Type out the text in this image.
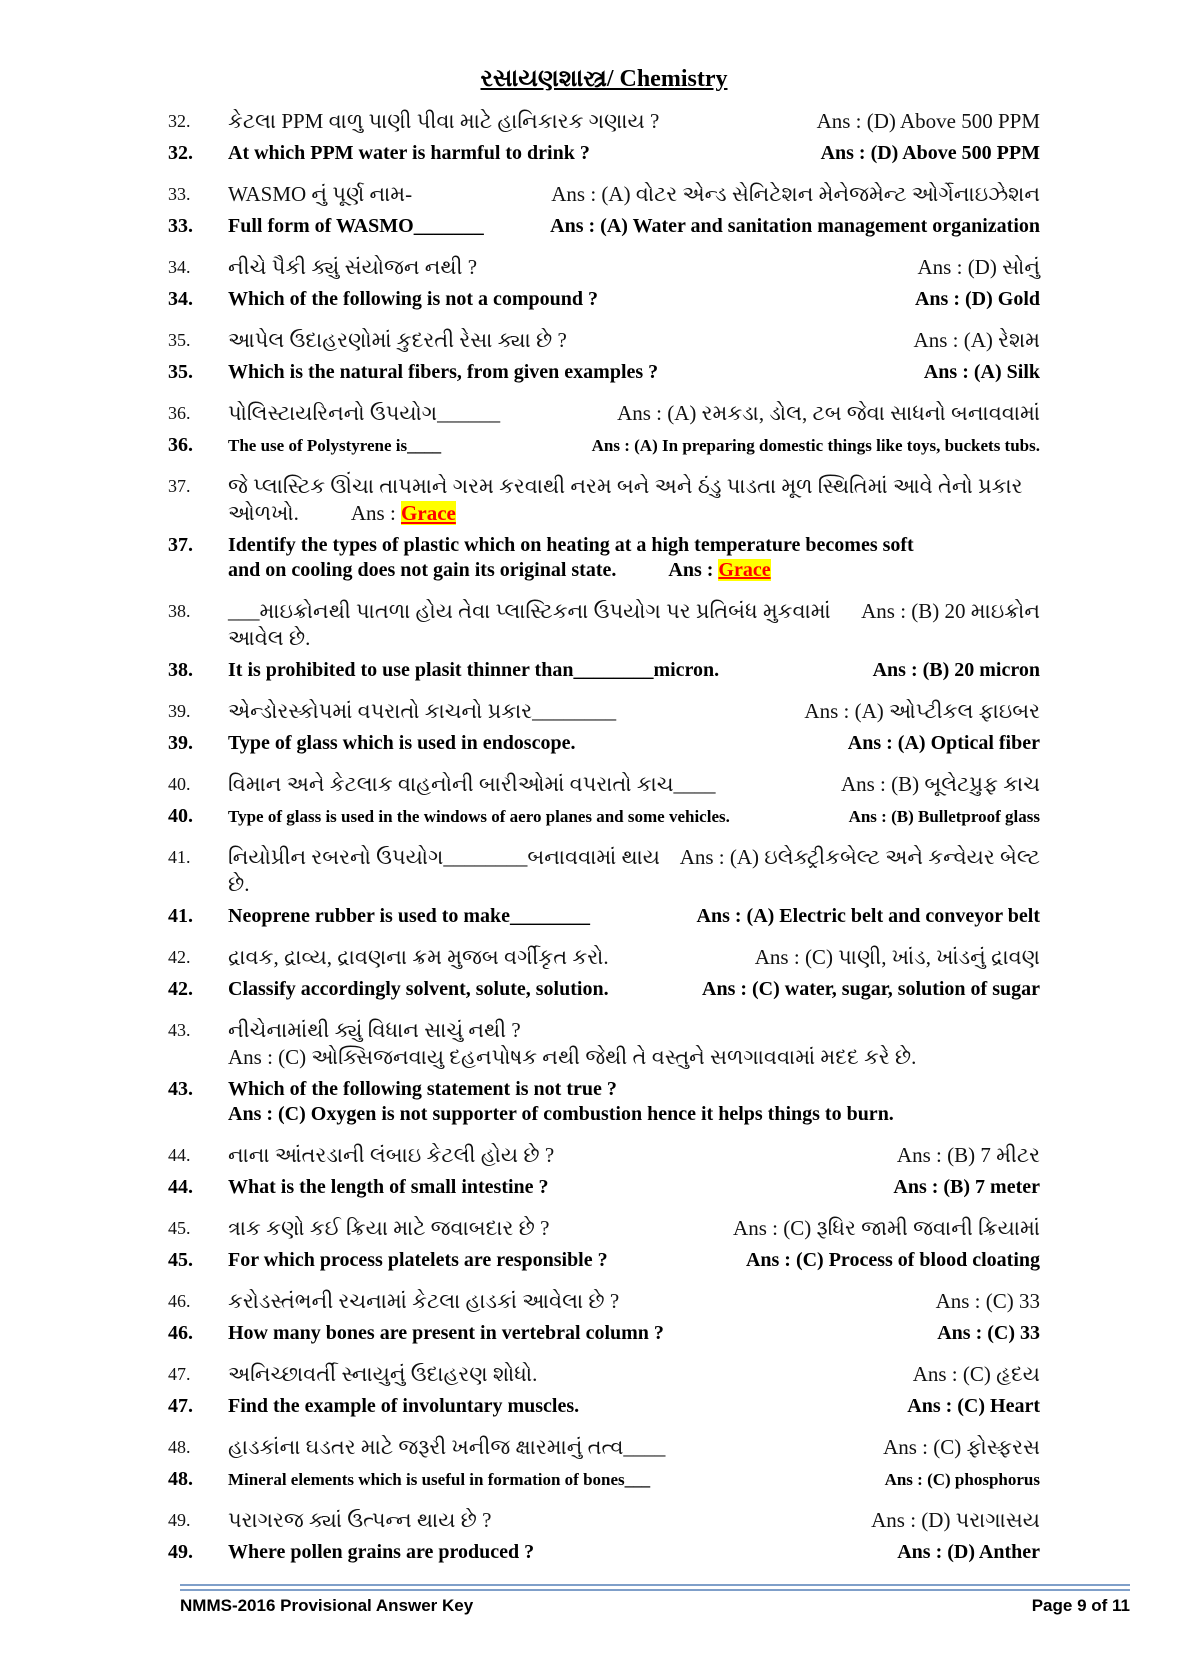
રસાયણશાસ્ત્ર/ Chemistry
32.	કેટલા PPM વાળુ પાણી પીવા માટે હાનિકારક ગણાય ?	Ans : (D) Above 500 PPM
32.	At which PPM water is harmful to drink ?	Ans : (D) Above 500 PPM
33.	WASMO નું પૂર્ણ નામ-	Ans : (A) વોટર એન્ડ સેનિટેશન મેનેજમેન્ટ ઓર્ગેનાઇઝેશન
33.	Full form of WASMO_______	Ans : (A) Water and sanitation management organization
34.	નીચે પૈકી ક્યું સંયોજન નથી ?	Ans : (D) સોનું
34.	Which of the following is not a compound ?	Ans : (D) Gold
35.	આપેલ ઉદાહરણોમાં કુદરતી રેસા ક્યા છે ?	Ans : (A) રેશમ
35.	Which is the natural fibers, from given examples ?	Ans : (A) Silk
36.	પોલિસ્ટાયરિનનો ઉપયોગ______	Ans : (A) રમકડા, ડોલ, ટબ જેવા સાધનો બનાવવામાં
36.	The use of Polystyrene is____	Ans : (A) In preparing domestic things like toys, buckets tubs.
37.	જે પ્લાસ્ટિક ઊંચા તાપમાને ગરમ કરવાથી નરમ બને અને ઠંડુ પાડતા મૂળ સ્થિતિમાં આવે તેનો પ્રકાર
ઓળખો. Ans : Grace
37.	Identify the types of plastic which on heating at a high temperature becomes soft
and on cooling does not gain its original state.	Ans : Grace
38.	___માઇક્રોનથી પાતળા હોય તેવા પ્લાસ્ટિકના ઉપયોગ પર પ્રતિબંધ મુકવામાં આવેલ છે.
Ans : (B) 20 માઇક્રોન
38.	It is prohibited to use plasit thinner than________micron.	Ans : (B) 20 micron
39.	એન્ડોરસ્કોપમાં વપરાતો કાચનો પ્રકાર________	Ans : (A) ઓપ્ટીકલ ફાઇબર
39.	Type of glass which is used in endoscope.	Ans : (A) Optical fiber
40.	વિમાન અને કેટલાક વાહનોની બારીઓમાં વપરાતો કાચ____	Ans : (B) બૂલેટપ્રુફ કાચ
40.	Type of glass is used in the windows of aero planes and some vehicles.	Ans : (B) Bulletproof glass
41.	નિયોપ્રીન રબરનો ઉપયોગ________બનાવવામાં થાય છે.
Ans : (A) ઇલેક્ટ્રીકબેલ્ટ અને કન્વેયર બેલ્ટ
41.	Neoprene rubber is used to make________	Ans : (A) Electric belt and conveyor belt
42.	દ્રાવક, દ્રાવ્ય, દ્રાવણના ક્રમ મુજબ વર્ગીકૃત કરો.	Ans : (C) પાણી, ખાંડ, ખાંડનું દ્રાવણ
42.	Classify accordingly solvent, solute, solution.	Ans : (C) water, sugar, solution of sugar
43.	નીચેનામાંથી ક્યું વિધાન સાચું નથી ?
Ans : (C) ઓક્સિજનવાયુ દહનપોષક નથી જેથી તે વસ્તુને સળગાવવામાં મદદ કરે છે.
43.	Which of the following statement is not true ?
Ans : (C) Oxygen is not supporter of combustion hence it helps things to burn.
44.	નાના આંતરડાની લંબાઇ કેટલી હોય છે ?	Ans : (B) 7 મીટર
44.	What is the length of small intestine ?	Ans : (B) 7 meter
45.	ત્રાક કણો કઈ ક્રિયા માટે જવાબદાર છે ?	Ans : (C) રૂધિર જામી જવાની ક્રિયામાં
45.	For which process platelets are responsible ?	Ans : (C) Process of blood cloating
46.	કરોડસ્તંભની રચનામાં કેટલા હાડકાં આવેલા છે ?	Ans : (C) 33
46.	How many bones are present in vertebral column ?	Ans : (C) 33
47.	અનિચ્છાવર્તી સ્નાયુનું ઉદાહરણ શોધો.	Ans : (C) હૃદય
47.	Find the example of involuntary muscles.	Ans : (C) Heart
48.	હાડકાંના ઘડતર માટે જરૂરી ખનીજ ક્ષારમાનું તત્વ____	Ans : (C) ફોસ્ફરસ
48.	Mineral elements which is useful in formation of bones___	Ans : (C) phosphorus
49.	પરાગરજ ક્યાં ઉત્પન્ન થાય છે ?	Ans : (D) પરાગાસય
49.	Where pollen grains are produced ?	Ans : (D) Anther
NMMS-2016 Provisional Answer Key	Page 9 of 11
